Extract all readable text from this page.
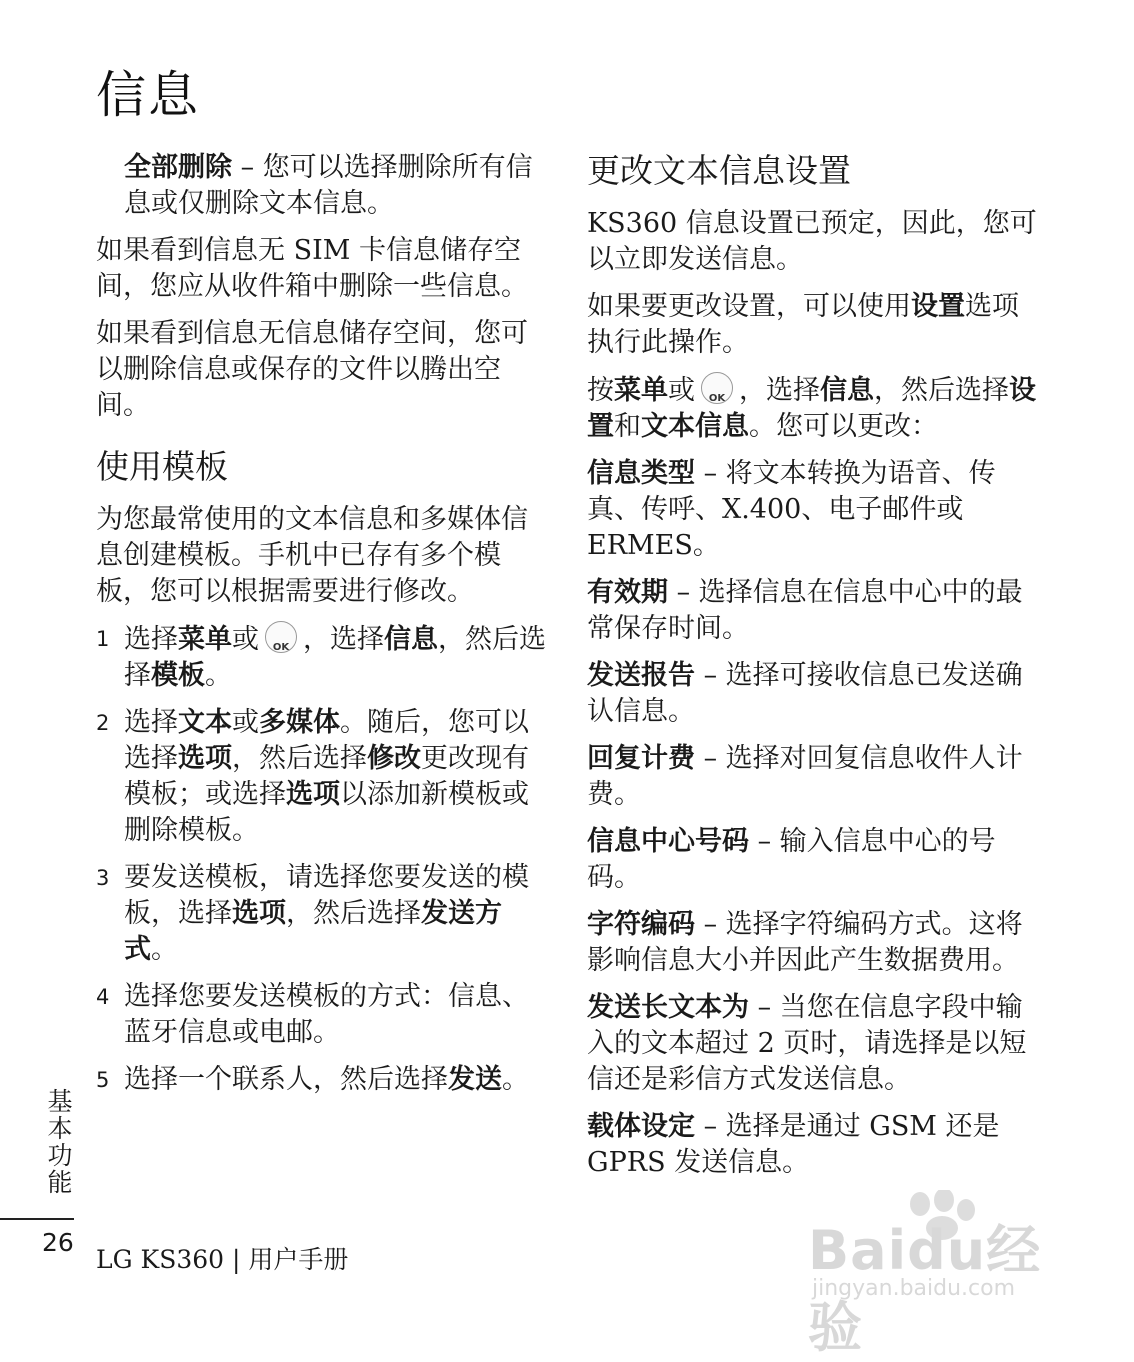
信息

全部删除 – 您可以选择删除所有信息或仅删除文本信息。

如果看到信息无 SIM 卡信息储存空间，您应从收件箱中删除一些信息。

如果看到信息无信息储存空间，您可以删除信息或保存的文件以腾出空间。

使用模板

为您最常使用的文本信息和多媒体信息创建模板。手机中已存有多个模板，您可以根据需要进行修改。

1 选择菜单或 OK ，选择信息，然后选择模板。
2 选择文本或多媒体。随后，您可以选择选项，然后选择修改更改现有模板；或选择选项以添加新模板或删除模板。
3 要发送模板，请选择您要发送的模板，选择选项，然后选择发送方式。
4 选择您要发送模板的方式：信息、蓝牙信息或电邮。
5 选择一个联系人，然后选择发送。
更改文本信息设置

KS360 信息设置已预定，因此，您可以立即发送信息。

如果要更改设置，可以使用设置选项执行此操作。

按菜单或 OK ，选择信息，然后选择设置和文本信息。您可以更改：

信息类型 – 将文本转换为语音、传真、传呼、X.400、电子邮件或 ERMES。

有效期 – 选择信息在信息中心中的最常保存时间。

发送报告 – 选择可接收信息已发送确认信息。

回复计费 – 选择对回复信息收件人计费。

信息中心号码 – 输入信息中心的号码。

字符编码 – 选择字符编码方式。这将影响信息大小并因此产生数据费用。

发送长文本为 – 当您在信息字段中输入的文本超过 2 页时，请选择是以短信还是彩信方式发送信息。

载体设定 – 选择是通过 GSM 还是 GPRS 发送信息。

基本功能
26
LG KS360 | 用户手册	Baidu经验
jingyan.baidu.com
